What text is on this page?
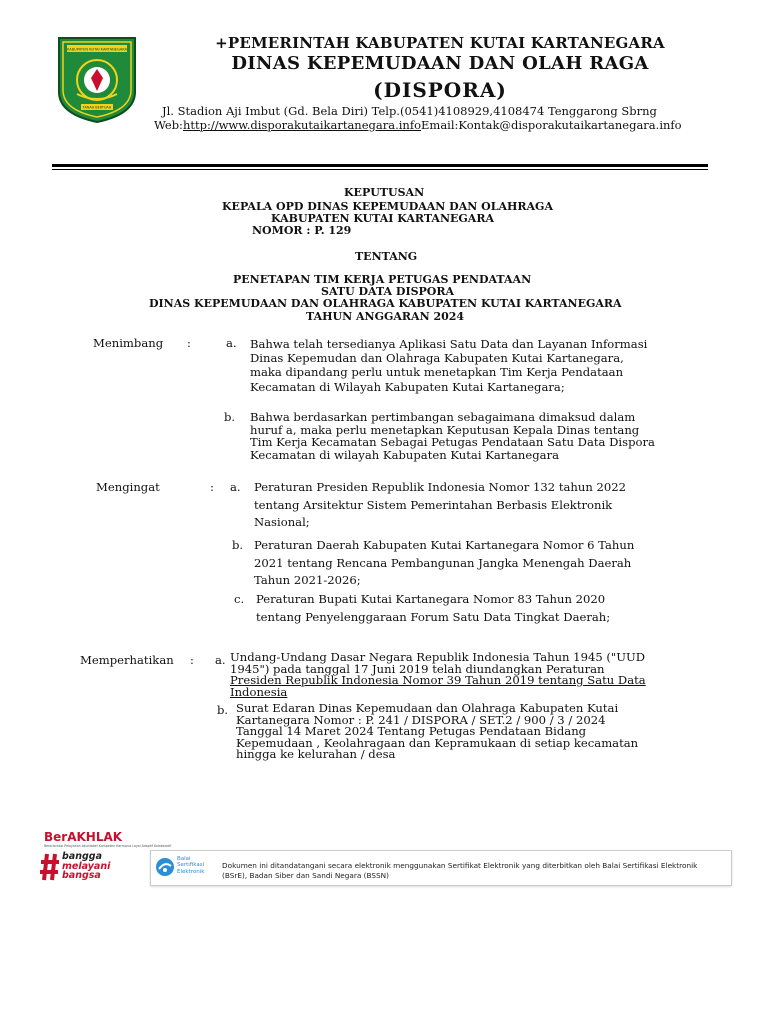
KABUPATEN KUTAI KARTANEGARA
TANAH BERTUAH
+PEMERINTAH KABUPATEN KUTAI KARTANEGARA
DINAS KEPEMUDAAN DAN OLAH RAGA
(DISPORA)
Jl. Stadion Aji Imbut (Gd. Bela Diri) Telp.(0541)4108929,4108474 Tenggarong Sbrng
Web:http://www.disporakutaikartanegara.infoEmail:Kontak@disporakutaikartanegara.info
KEPUTUSAN
KEPALA OPD DINAS KEPEMUDAAN DAN OLAHRAGA
KABUPATEN KUTAI KARTANEGARA
NOMOR : P. 129
TENTANG
PENETAPAN TIM KERJA PETUGAS PENDATAAN
SATU DATA DISPORA
DINAS KEPEMUDAAN DAN OLAHRAGA KABUPATEN KUTAI KARTANEGARA
TAHUN ANGGARAN 2024
Menimbang :	a. Bahwa telah tersedianya Aplikasi Satu Data dan Layanan Informasi
Dinas Kepemudan dan Olahraga Kabupaten Kutai Kartanegara,
maka dipandang perlu untuk menetapkan Tim Kerja Pendataan
Kecamatan di Wilayah Kabupaten Kutai Kartanegara;
b. Bahwa berdasarkan pertimbangan sebagaimana dimaksud dalam
huruf a, maka perlu menetapkan Keputusan Kepala Dinas tentang
Tim Kerja Kecamatan Sebagai Petugas Pendataan Satu Data Dispora
Kecamatan di wilayah Kabupaten Kutai Kartanegara
Mengingat	: a. Peraturan Presiden Republik Indonesia Nomor 132 tahun 2022
tentang Arsitektur Sistem Pemerintahan Berbasis Elektronik
Nasional;
b. Peraturan Daerah Kabupaten Kutai Kartanegara Nomor 6 Tahun
2021 tentang Rencana Pembangunan Jangka Menengah Daerah
Tahun 2021-2026;
c. Peraturan Bupati Kutai Kartanegara Nomor 83 Tahun 2020
tentang Penyelenggaraan Forum Satu Data Tingkat Daerah;
Memperhatikan : a. Undang-Undang Dasar Negara Republik Indonesia Tahun 1945 ("UUD
1945") pada tanggal 17 Juni 2019 telah diundangkan Peraturan
Presiden Republik Indonesia Nomor 39 Tahun 2019 tentang Satu Data
Indonesia
b. Surat Edaran Dinas Kepemudaan dan Olahraga Kabupaten Kutai
Kartanegara Nomor : P. 241 / DISPORA / SET.2 / 900 / 3 / 2024
Tanggal 14 Maret 2024 Tentang Petugas Pendataan Bidang
Kepemudaan , Keolahragaan dan Kepramukaan di setiap kecamatan
hingga ke kelurahan / desa
BerAKHLAK
Berorientasi Pelayanan Akuntabel Kompeten Harmonis Loyal Adaptif Kolaboratif
bangga
melayani
bangsa
Balai
Sertifikasi
Elektronik
Dokumen ini ditandatangani secara elektronik menggunakan Sertifikat Elektronik yang diterbitkan oleh Balai Sertifikasi Elektronik
(BSrE), Badan Siber dan Sandi Negara (BSSN)
